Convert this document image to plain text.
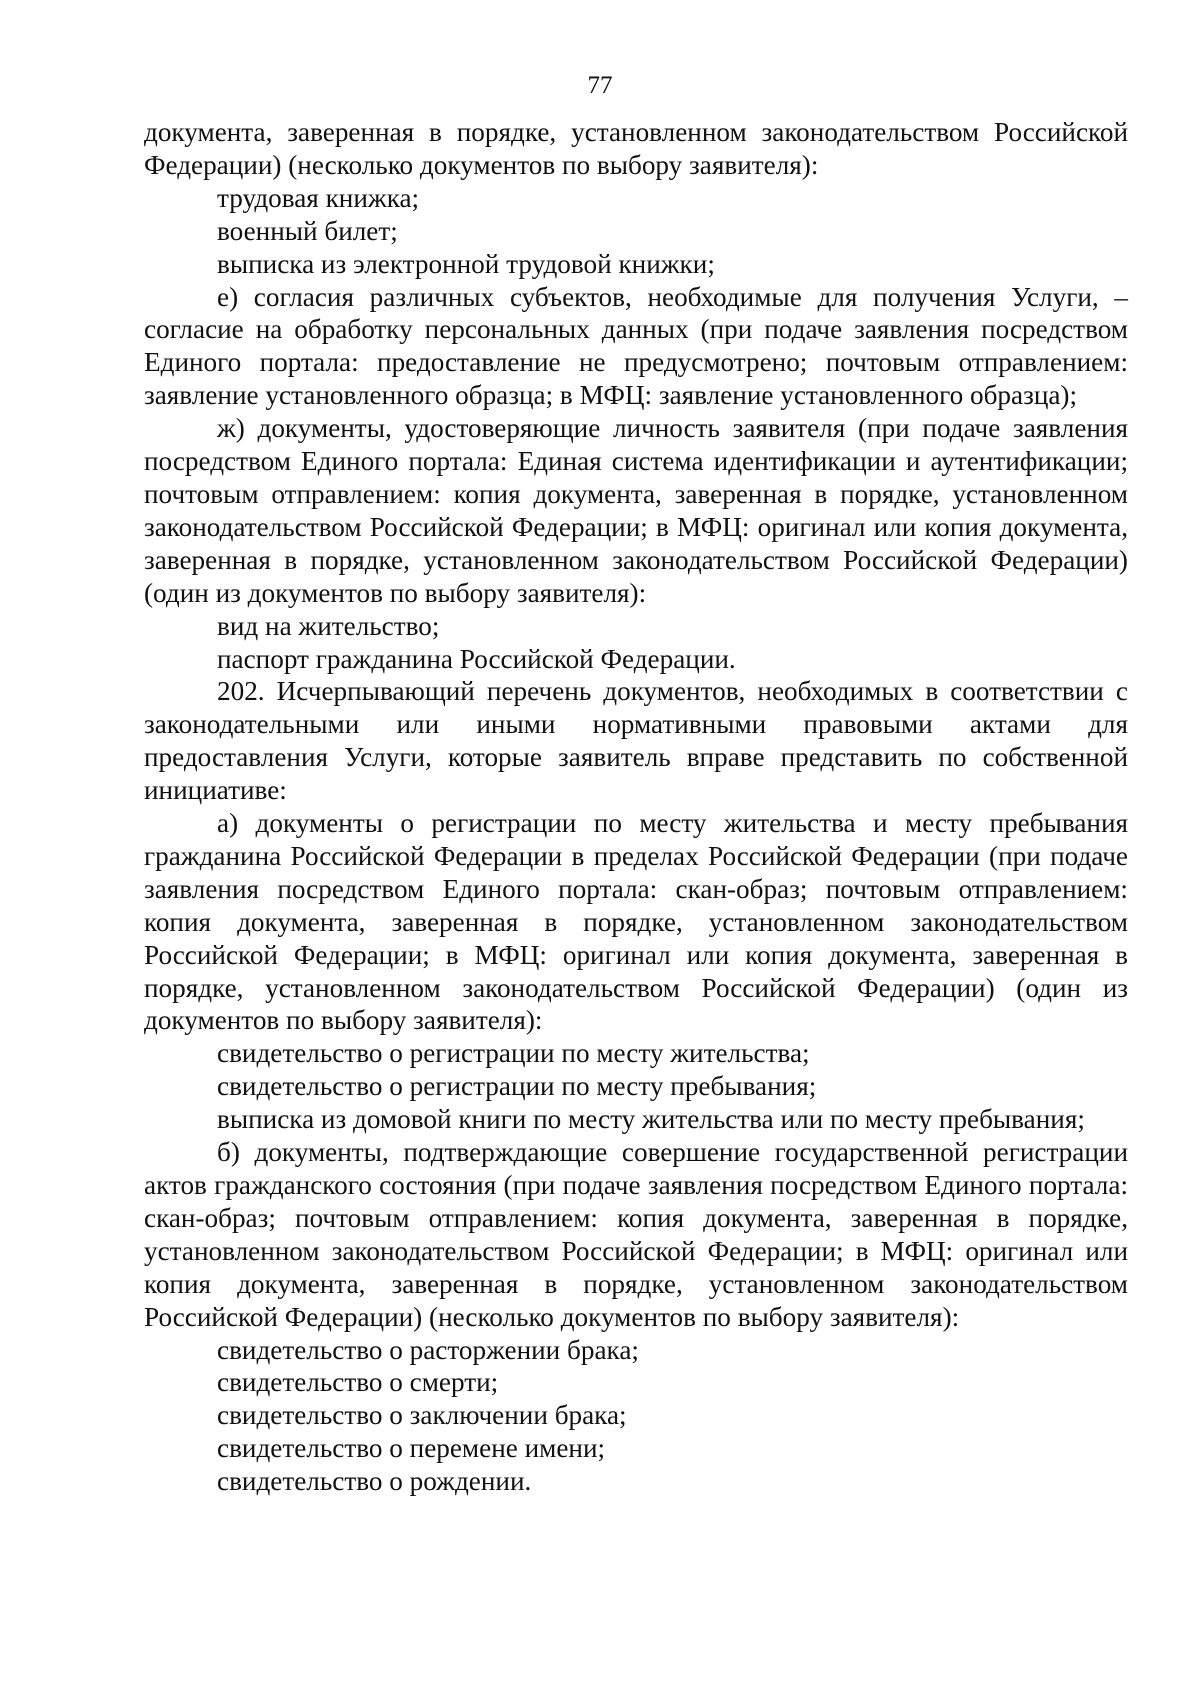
77

документа, заверенная в порядке, установленном законодательством Российской Федерации) (несколько документов по выбору заявителя):

трудовая книжка;

военный билет;

выписка из электронной трудовой книжки;

е) согласия различных субъектов, необходимые для получения Услуги, – согласие на обработку персональных данных (при подаче заявления посредством Единого портала: предоставление не предусмотрено; почтовым отправлением: заявление установленного образца; в МФЦ: заявление установленного образца);

ж) документы, удостоверяющие личность заявителя (при подаче заявления посредством Единого портала: Единая система идентификации и аутентификации; почтовым отправлением: копия документа, заверенная в порядке, установленном законодательством Российской Федерации; в МФЦ: оригинал или копия документа, заверенная в порядке, установленном законодательством Российской Федерации) (один из документов по выбору заявителя):

вид на жительство;

паспорт гражданина Российской Федерации.

202. Исчерпывающий перечень документов, необходимых в соответствии с законодательными или иными нормативными правовыми актами для предоставления Услуги, которые заявитель вправе представить по собственной инициативе:

а) документы о регистрации по месту жительства и месту пребывания гражданина Российской Федерации в пределах Российской Федерации (при подаче заявления посредством Единого портала: скан-образ; почтовым отправлением: копия документа, заверенная в порядке, установленном законодательством Российской Федерации; в МФЦ: оригинал или копия документа, заверенная в порядке, установленном законодательством Российской Федерации) (один из документов по выбору заявителя):

свидетельство о регистрации по месту жительства;

свидетельство о регистрации по месту пребывания;

выписка из домовой книги по месту жительства или по месту пребывания;

б) документы, подтверждающие совершение государственной регистрации актов гражданского состояния (при подаче заявления посредством Единого портала: скан-образ; почтовым отправлением: копия документа, заверенная в порядке, установленном законодательством Российской Федерации; в МФЦ: оригинал или копия документа, заверенная в порядке, установленном законодательством Российской Федерации) (несколько документов по выбору заявителя):

свидетельство о расторжении брака;

свидетельство о смерти;

свидетельство о заключении брака;

свидетельство о перемене имени;

свидетельство о рождении.
